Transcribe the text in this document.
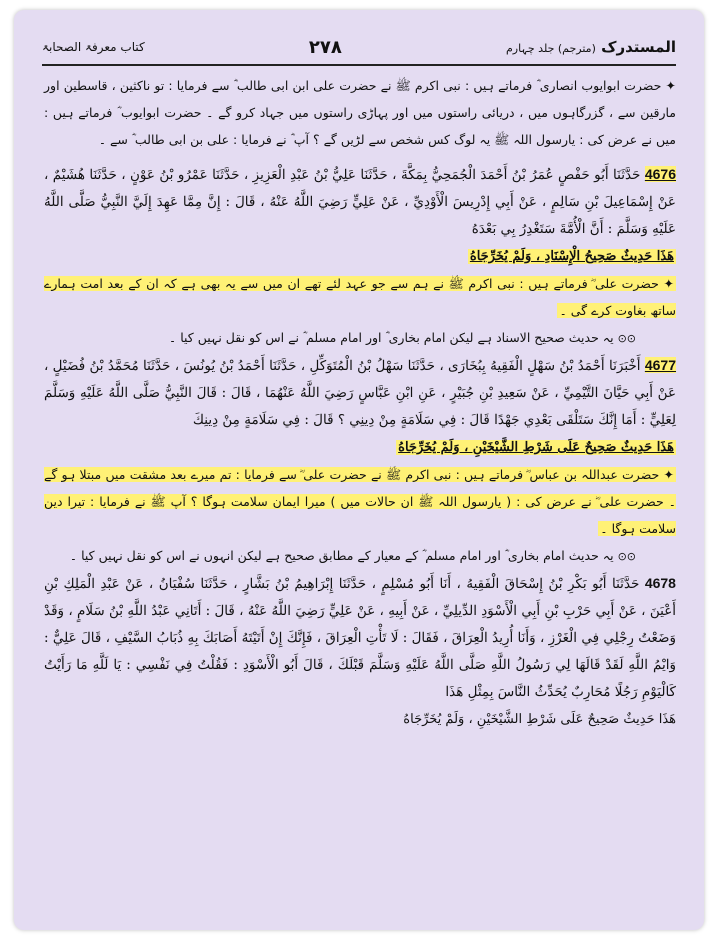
المستدرک (مترجم) جلد چہارم
۲۷۸
کتاب معرفۃ الصحابۃ

✦ حضرت ابوایوب انصاری ؓ فرماتے ہیں : نبی اکرم ﷺ نے حضرت علی ابن ابی طالب ؓ سے فرمایا : تو ناکثین ، قاسطین اور مارقین سے ، گزرگاہوں میں ، دریائی راستوں میں اور پہاڑی راستوں میں جہاد کرو گے ۔ حضرت ابوایوب ؓ فرماتے ہیں : میں نے عرض کی : یارسول اللہ ﷺ یہ لوگ کس شخص سے لڑیں گے ؟ آپ ؓ نے فرمایا : علی بن ابی طالب ؓ سے ۔

4676 حَدَّثَنَا أَبُو حَفْصٍ عُمَرُ بْنُ أَحْمَدَ الْجُمَحِيُّ بِمَكَّةَ ، حَدَّثَنَا عَلِيُّ بْنُ عَبْدِ الْعَزِيزِ ، حَدَّثَنَا عَمْرُو بْنُ عَوْنٍ ، حَدَّثَنَا هُشَيْمٌ ، عَنْ إِسْمَاعِيلَ بْنِ سَالِمٍ ، عَنْ أَبِي إِدْرِيسَ الْأَوْدِيِّ ، عَنْ عَلِيٍّ رَضِيَ اللَّهُ عَنْهُ ، قَالَ : إِنَّ مِمَّا عَهِدَ إِلَيَّ النَّبِيُّ صَلَّى اللَّهُ عَلَيْهِ وَسَلَّمَ : أَنَّ الْأُمَّةَ سَتَغْدِرُ بِي بَعْدَهُ

هَذَا حَدِيثٌ صَحِيحُ الْإِسْنَادِ ، وَلَمْ يُخَرِّجَاهُ

✦ حضرت علی ؓ فرماتے ہیں : نبی اکرم ﷺ نے ہم سے جو عہد لئے تھے ان میں سے یہ بھی ہے کہ ان کے بعد امت ہمارے ساتھ بغاوت کرے گی ۔

⊙⊙ یہ حدیث صحیح الاسناد ہے لیکن امام بخاری ؓ اور امام مسلم ؓ نے اس کو نقل نہیں کیا ۔

4677 أَخْبَرَنَا أَحْمَدُ بْنُ سَهْلٍ الْفَقِيهُ بِبُخَارَى ، حَدَّثَنَا سَهْلُ بْنُ الْمُتَوَكِّلِ ، حَدَّثَنَا أَحْمَدُ بْنُ يُونُسَ ، حَدَّثَنَا مُحَمَّدُ بْنُ فُضَيْلٍ ، عَنْ أَبِي حَيَّانَ التَّيْمِيِّ ، عَنْ سَعِيدِ بْنِ جُبَيْرٍ ، عَنِ ابْنِ عَبَّاسٍ رَضِيَ اللَّهُ عَنْهُمَا ، قَالَ : قَالَ النَّبِيُّ صَلَّى اللَّهُ عَلَيْهِ وَسَلَّمَ لِعَلِيٍّ : أَمَا إِنَّكَ سَتَلْقَى بَعْدِي جَهْدًا قَالَ : فِي سَلَامَةٍ مِنْ دِينِي ؟ قَالَ : فِي سَلَامَةٍ مِنْ دِينِكَ

هَذَا حَدِيثٌ صَحِيحٌ عَلَى شَرْطِ الشَّيْخَيْنِ ، وَلَمْ يُخَرِّجَاهُ

✦ حضرت عبداللہ بن عباس ؓ فرماتے ہیں : نبی اکرم ﷺ نے حضرت علی ؓ سے فرمایا : تم میرے بعد مشقت میں مبتلا ہو گے ۔ حضرت علی ؓ نے عرض کی : ( یارسول اللہ ﷺ ان حالات میں ) میرا ایمان سلامت ہوگا ؟ آپ ﷺ نے فرمایا : تیرا دین سلامت ہوگا ۔

⊙⊙ یہ حدیث امام بخاری ؓ اور امام مسلم ؓ کے معیار کے مطابق صحیح ہے لیکن انہوں نے اس کو نقل نہیں کیا ۔

4678 حَدَّثَنَا أَبُو بَكْرِ بْنُ إِسْحَاقَ الْفَقِيهُ ، أَنَا أَبُو مُسْلِمٍ ، حَدَّثَنَا إِبْرَاهِيمُ بْنُ بَشَّارٍ ، حَدَّثَنَا سُفْيَانُ ، عَنْ عَبْدِ الْمَلِكِ بْنِ أَعْيَنَ ، عَنْ أَبِي حَرْبِ بْنِ أَبِي الْأَسْوَدِ الدِّيلِيِّ ، عَنْ أَبِيهِ ، عَنْ عَلِيٍّ رَضِيَ اللَّهُ عَنْهُ ، قَالَ : أَتَانِي عَبْدُ اللَّهِ بْنُ سَلَامٍ ، وَقَدْ وَضَعْتُ رِجْلِي فِي الْغَرْزِ ، وَأَنَا أُرِيدُ الْعِرَاقَ ، فَقَالَ : لَا تَأْتِ الْعِرَاقَ ، فَإِنَّكَ إِنْ أَتَيْتَهُ أَصَابَكَ بِهِ ذُبَابُ السَّيْفِ ، قَالَ عَلِيٌّ : وَايْمُ اللَّهِ لَقَدْ قَالَهَا لِي رَسُولُ اللَّهِ صَلَّى اللَّهُ عَلَيْهِ وَسَلَّمَ قَبْلَكَ ، قَالَ أَبُو الْأَسْوَدِ : فَقُلْتُ فِي نَفْسِي : يَا لَلَّهِ مَا رَأَيْتُ كَالْيَوْمِ رَجُلًا مُحَارِبٌ يُحَدِّثُ النَّاسَ بِمِثْلِ هَذَا

هَذَا حَدِيثٌ صَحِيحٌ عَلَى شَرْطِ الشَّيْخَيْنِ ، وَلَمْ يُخَرِّجَاهُ
